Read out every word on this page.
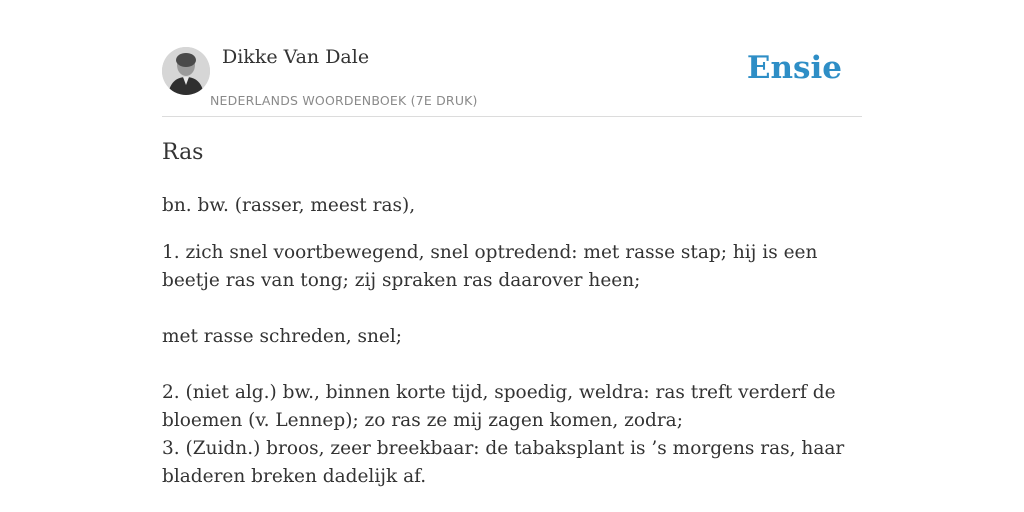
Dikke Van Dale
NEDERLANDS WOORDENBOEK (7E DRUK)
Ensie
Ras

bn. bw. (rasser, meest ras),

1. zich snel voortbewegend, snel optredend: met rasse stap; hij is een beetje ras van tong; zij spraken ras daarover heen;

met rasse schreden, snel;

2. (niet alg.) bw., binnen korte tijd, spoedig, weldra: ras treft verderf de bloemen (v. Lennep); zo ras ze mij zagen komen, zodra;

3. (Zuidn.) broos, zeer breekbaar: de tabaksplant is ’s morgens ras, haar bladeren breken dadelijk af.
